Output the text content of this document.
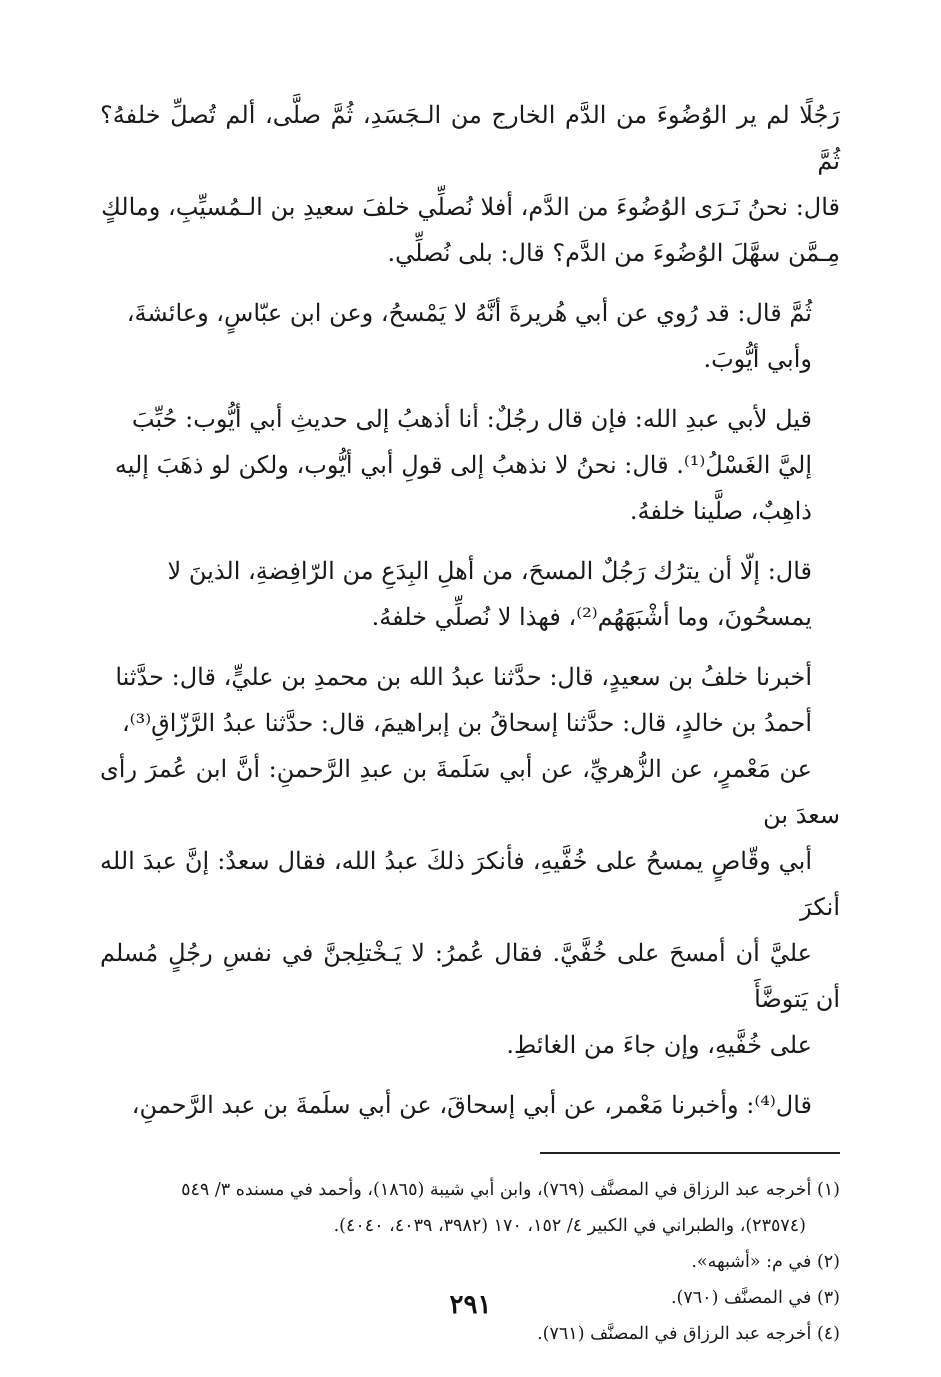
رَجُلًا لم ير الوُضُوءَ من الدَّم الخارج من الـجَسَدِ، ثُمَّ صلَّى، ألم تُصلِّ خلفهُ؟ ثُمَّ
قال: نحنُ نَـرَى الوُضُوءَ من الدَّم، أفلا نُصلِّي خلفَ سعيدِ بن الـمُسيِّبِ، ومالكٍ
مِـمَّن سهَّلَ الوُضُوءَ من الدَّم؟ قال: بلى نُصلِّي.

ثُمَّ قال: قد رُوي عن أبي هُريرةَ أنَّهُ لا يَمْسحُ، وعن ابن عبّاسٍ، وعائشةَ،
وأبي أيُّوبَ.

قيل لأبي عبدِ الله: فإن قال رجُلٌ: أنا أذهبُ إلى حديثِ أبي أيُّوب: حُبِّبَ
إليَّ الغَسْلُ⁽¹⁾. قال: نحنُ لا نذهبُ إلى قولِ أبي أيُّوب، ولكن لو ذهَبَ إليه
ذاهِبٌ، صلَّينا خلفهُ.

قال: إلّا أن يترُك رَجُلٌ المسحَ، من أهلِ البِدَعِ من الرّافِضةِ، الذينَ لا
يمسحُونَ، وما أشْبَهَهُم⁽²⁾، فهذا لا نُصلِّي خلفهُ.

أخبرنا خلفُ بن سعيدٍ، قال: حدَّثنا عبدُ الله بن محمدِ بن عليٍّ، قال: حدَّثنا
أحمدُ بن خالدٍ، قال: حدَّثنا إسحاقُ بن إبراهيمَ، قال: حدَّثنا عبدُ الرَّزّاقِ⁽³⁾،
عن مَعْمرٍ، عن الزُّهريِّ، عن أبي سَلَمةَ بن عبدِ الرَّحمنِ: أنَّ ابن عُمرَ رأى سعدَ بن
أبي وقّاصٍ يمسحُ على خُفَّيهِ، فأنكرَ ذلكَ عبدُ الله، فقال سعدٌ: إنَّ عبدَ الله أنكرَ
عليَّ أن أمسحَ على خُفَّيَّ. فقال عُمرُ: لا يَـخْتلِجنَّ في نفسِ رجُلٍ مُسلم أن يَتوضَّأَ
على خُفَّيهِ، وإن جاءَ من الغائطِ.

قال⁽⁴⁾: وأخبرنا مَعْمر، عن أبي إسحاقَ، عن أبي سلَمةَ بن عبد الرَّحمنِ،

(١) أخرجه عبد الرزاق في المصنَّف (٧٦٩)، وابن أبي شيبة (١٨٦٥)، وأحمد في مسنده ٣/ ٥٤٩
(٢٣٥٧٤)، والطبراني في الكبير ٤/ ١٥٢، ١٧٠ (٣٩٨٢، ٤٠٣٩، ٤٠٤٠).

(٢) في م: «أشبهه».

(٣) في المصنَّف (٧٦٠).

(٤) أخرجه عبد الرزاق في المصنَّف (٧٦١).

٢٩١
